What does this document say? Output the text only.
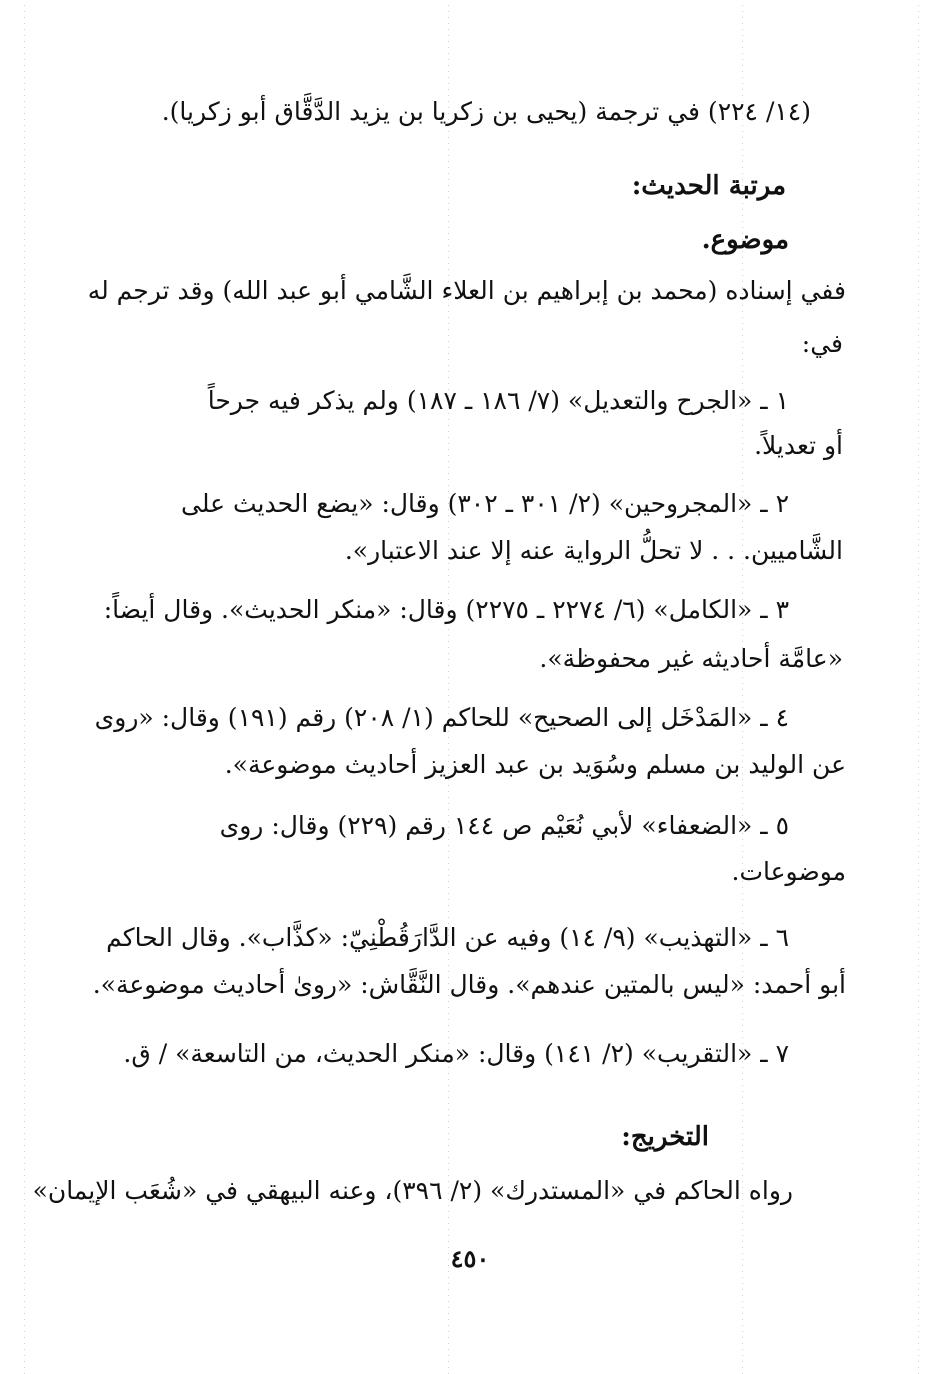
(١٤/ ٢٢٤) في ترجمة (يحيى بن زكريا بن يزيد الدَّقَّاق أبو زكريا).
مرتبة الحديث:
موضوع.
ففي إسناده (محمد بن إبراهيم بن العلاء الشَّامي أبو عبد الله) وقد ترجم له
في:
١ ـ «الجرح والتعديل» (٧/ ١٨٦ ـ ١٨٧) ولم يذكر فيه جرحاً
أو تعديلاً.
٢ ـ «المجروحين» (٢/ ٣٠١ ـ ٣٠٢) وقال: «يضع الحديث على
الشَّاميين. . . لا تحلُّ الرواية عنه إلا عند الاعتبار».
٣ ـ «الكامل» (٦/ ٢٢٧٤ ـ ٢٢٧٥) وقال: «منكر الحديث». وقال أيضاً:
«عامَّة أحاديثه غير محفوظة».
٤ ـ «المَدْخَل إلى الصحيح» للحاكم (١/ ٢٠٨) رقم (١٩١) وقال: «روى
عن الوليد بن مسلم وسُوَيد بن عبد العزيز أحاديث موضوعة».
٥ ـ «الضعفاء» لأبي نُعَيْم ص ١٤٤ رقم (٢٢٩) وقال: روى
موضوعات.
٦ ـ «التهذيب» (٩/ ١٤) وفيه عن الدَّارَقُطْنِيّ: «كذَّاب». وقال الحاكم
أبو أحمد: «ليس بالمتين عندهم». وقال النَّقَّاش: «روىٰ أحاديث موضوعة».
٧ ـ «التقريب» (٢/ ١٤١) وقال: «منكر الحديث، من التاسعة» / ق.
التخريج:
رواه الحاكم في «المستدرك» (٢/ ٣٩٦)، وعنه البيهقي في «شُعَب الإيمان»
٤٥٠
